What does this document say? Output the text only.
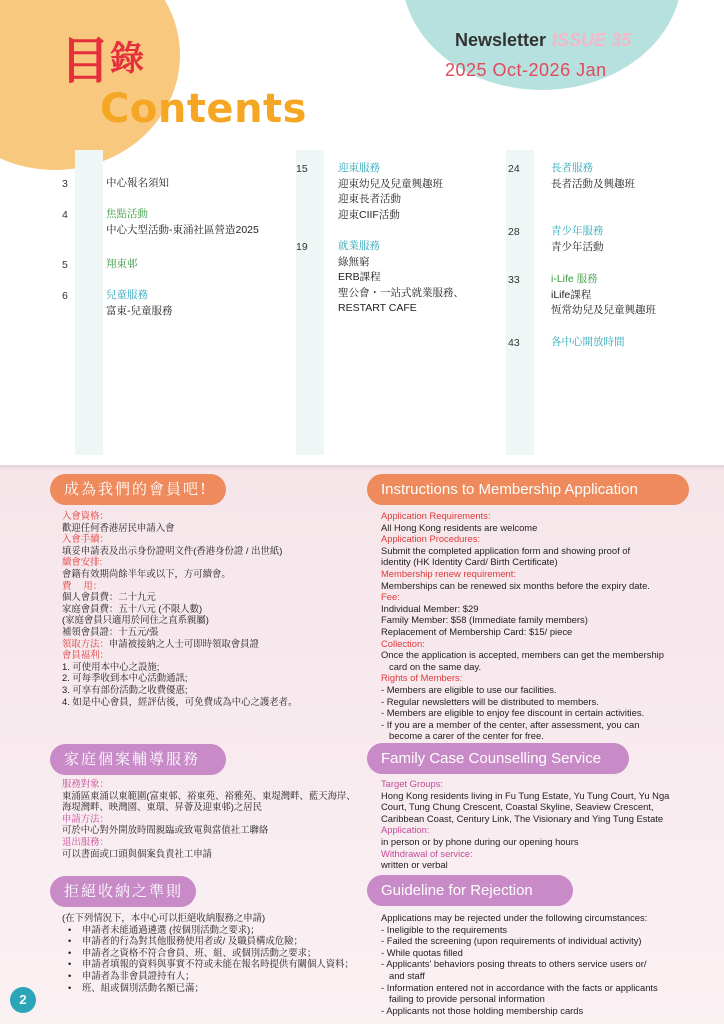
目錄
Contents
Newsletter ISSUE 35
2025 Oct-2026 Jan
3	中心報名須知
4	焦點活動
中心大型活動-東涌社區營造2025
5	翔東邨
6	兒童服務
富東-兒童服務
15	迎東服務
迎東幼兒及兒童興趣班
迎東長者活動
迎東CIIF活動
19	就業服務
綠無窮
ERB課程
聖公會・一站式就業服務、
RESTART CAFE
24	長者服務
長者活動及興趣班
28	青少年服務
青少年活動
33	i-Life 服務
iLife課程
恆常幼兒及兒童興趣班
43	各中心開放時間
成為我們的會員吧!
入會資格：
歡迎任何香港居民申請入會
入會手續：
填妥申請表及出示身份證明文件(香港身份證 / 出世紙)
續會安排:
會籍有效期尚餘半年或以下，方可續會。
費　 用：
個人會員費：二十九元
家庭會員費：五十八元 (不限人數)
(家庭會員只適用於同住之直系親屬)
補領會員證：十五元/張
領取方法：申請被接納之人士可即時領取會員證
會員福利：
1. 可使用本中心之設施;
2. 可每季收到本中心活動通訊;
3. 可享有部份活動之收費優惠;
4. 如是中心會員，經評估後，可免費成為中心之護老者。
Instructions to Membership Application
Application Requirements:
All Hong Kong residents are welcome
Application Procedures:
Submit the completed application form and showing proof of
identity (HK Identity Card/ Birth Certificate)
Membership renew requirement:
Memberships can be renewed six months before the expiry date.
Fee:
Individual Member: $29
Family Member: $58 (Immediate family members)
Replacement of Membership Card: $15/ piece
Collection:
Once the application is accepted, members can get the membership
card on the same day.
Rights of Members:
- Members are eligible to use our facilities.
- Regular newsletters will be distributed to members.
- Members are eligible to enjoy fee discount in certain activities.
- If you are a member of the center, after assessment, you can
become a carer of the center for free.
家庭個案輔導服務
服務對象：
東涌區東涌以東範圍(富東邨、裕東苑、裕雅苑、東堤灣畔、藍天海岸、
海堤灣畔、映灣園、東環、昇薈及迎東邨)之居民
申請方法：
可於中心對外開放時間親臨或致電與當值社工聯絡
退出服務：
可以書面或口頭與個案負責社工申請
Family Case Counselling Service
Target Groups:
Hong Kong residents living in Fu Tung Estate, Yu Tung Court, Yu Nga
Court, Tung Chung Crescent, Coastal Skyline, Seaview Crescent,
Caribbean Coast, Century Link, The Visionary and Ying Tung Estate
Application:
in person or by phone during our opening hours
Withdrawal of service:
written or verbal
拒絕收納之準則
(在下列情況下，本中心可以拒絕收納服務之申請)
• 申請者未能通過遴選 (按個別活動之要求)；
• 申請者的行為對其他服務使用者或/ 及職員構成危險；
• 申請者之資格不符合會員、班、組、或個別活動之要求；
• 申請者填報的資料與事實不符或未能在報名時提供有關個人資料；
• 申請者為非會員證持有人；
• 班、組或個別活動名額已滿；
Guideline for Rejection
Applications may be rejected under the following circumstances:
- Ineligible to the requirements
- Failed the screening (upon requirements of individual activity)
- While quotas filled
- Applicants' behaviors posing threats to others service users or/
and staff
- Information entered not in accordance with the facts or applicants
failing to provide personal information
- Applicants not those holding membership cards
2
